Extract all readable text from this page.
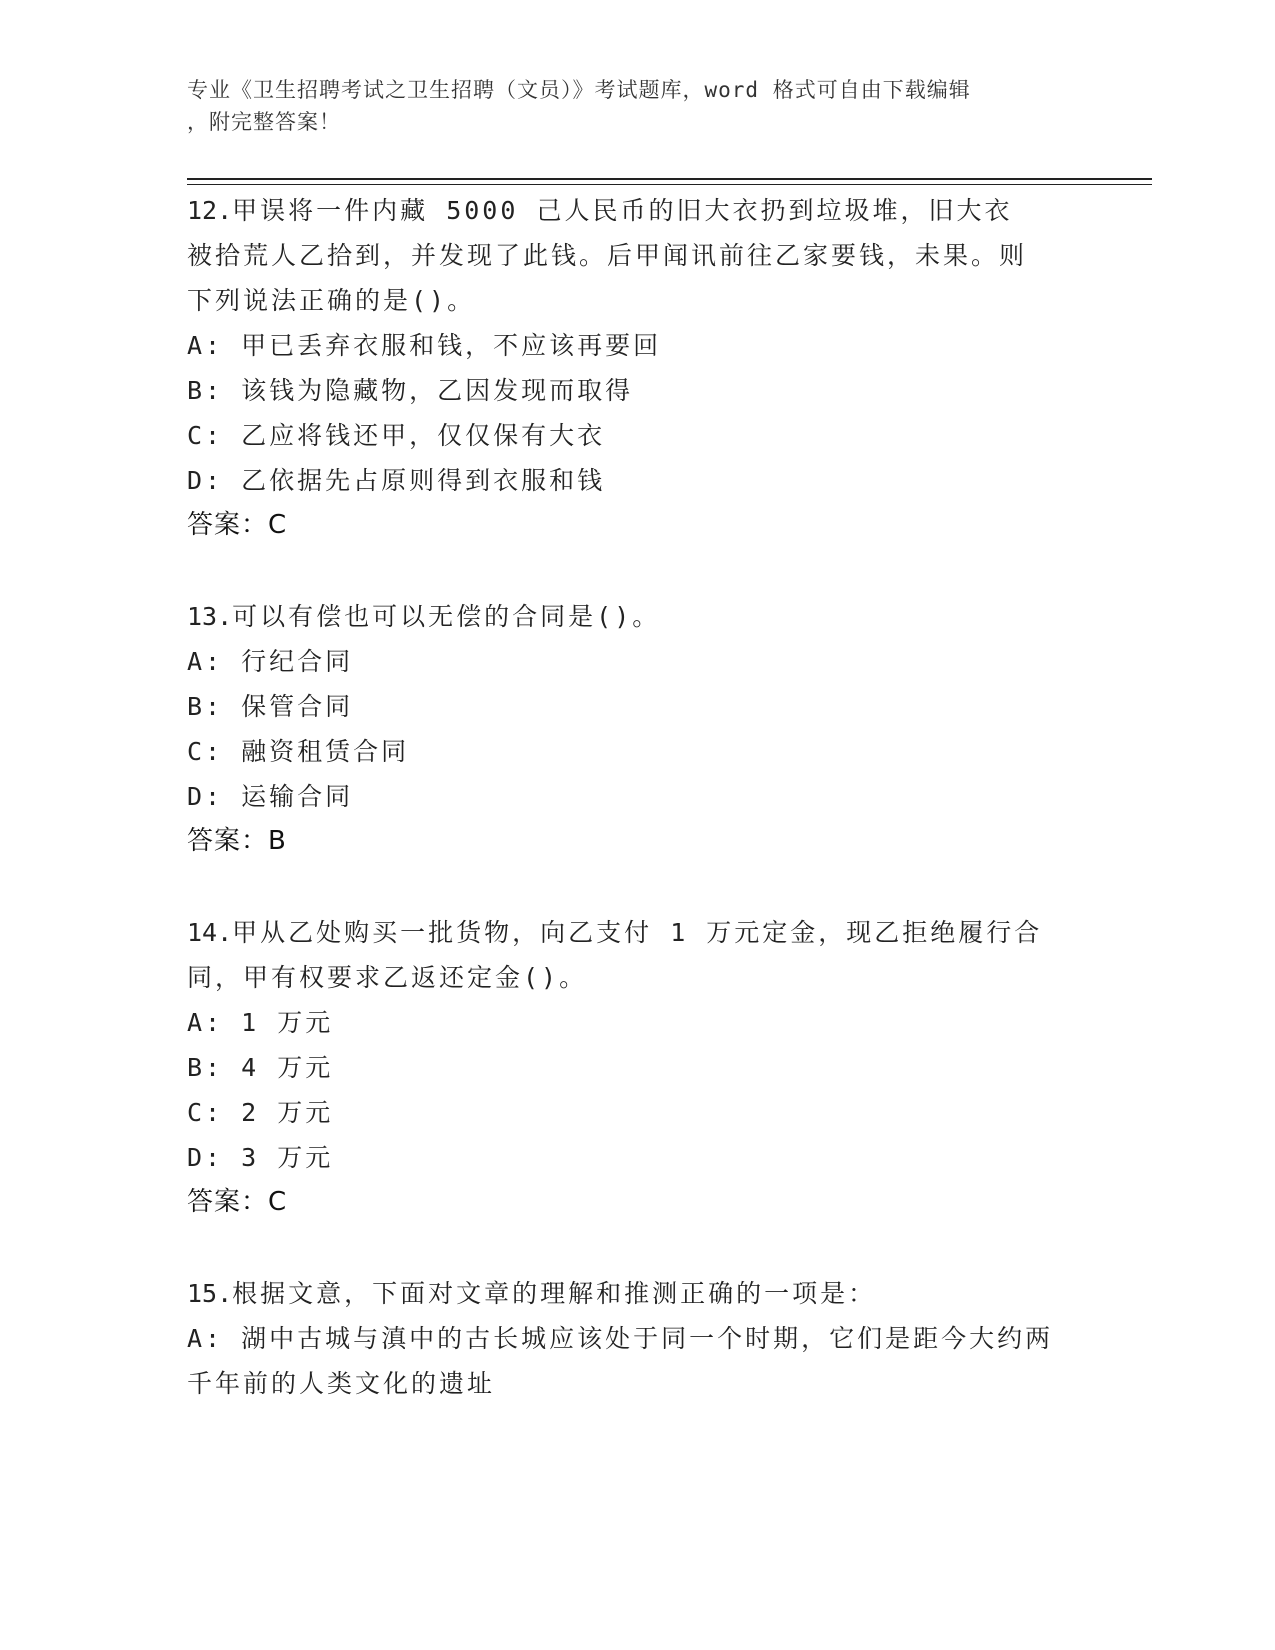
专业《卫生招聘考试之卫生招聘（文员）》考试题库，word 格式可自由下载编辑
，附完整答案！

12.甲误将一件内藏 5000 己人民币的旧大衣扔到垃圾堆，旧大衣被拾荒人乙拾到，并发现了此钱。后甲闻讯前往乙家要钱，未果。则下列说法正确的是()。

A: 甲已丢弃衣服和钱，不应该再要回

B: 该钱为隐藏物，乙因发现而取得

C: 乙应将钱还甲，仅仅保有大衣

D: 乙依据先占原则得到衣服和钱

答案：C

13.可以有偿也可以无偿的合同是()。

A: 行纪合同

B: 保管合同

C: 融资租赁合同

D: 运输合同

答案：B

14.甲从乙处购买一批货物，向乙支付 1 万元定金，现乙拒绝履行合同，甲有权要求乙返还定金()。

A: 1 万元

B: 4 万元

C: 2 万元

D: 3 万元

答案：C

15.根据文意，下面对文章的理解和推测正确的一项是：

A: 湖中古城与滇中的古长城应该处于同一个时期，它们是距今大约两千年前的人类文化的遗址
